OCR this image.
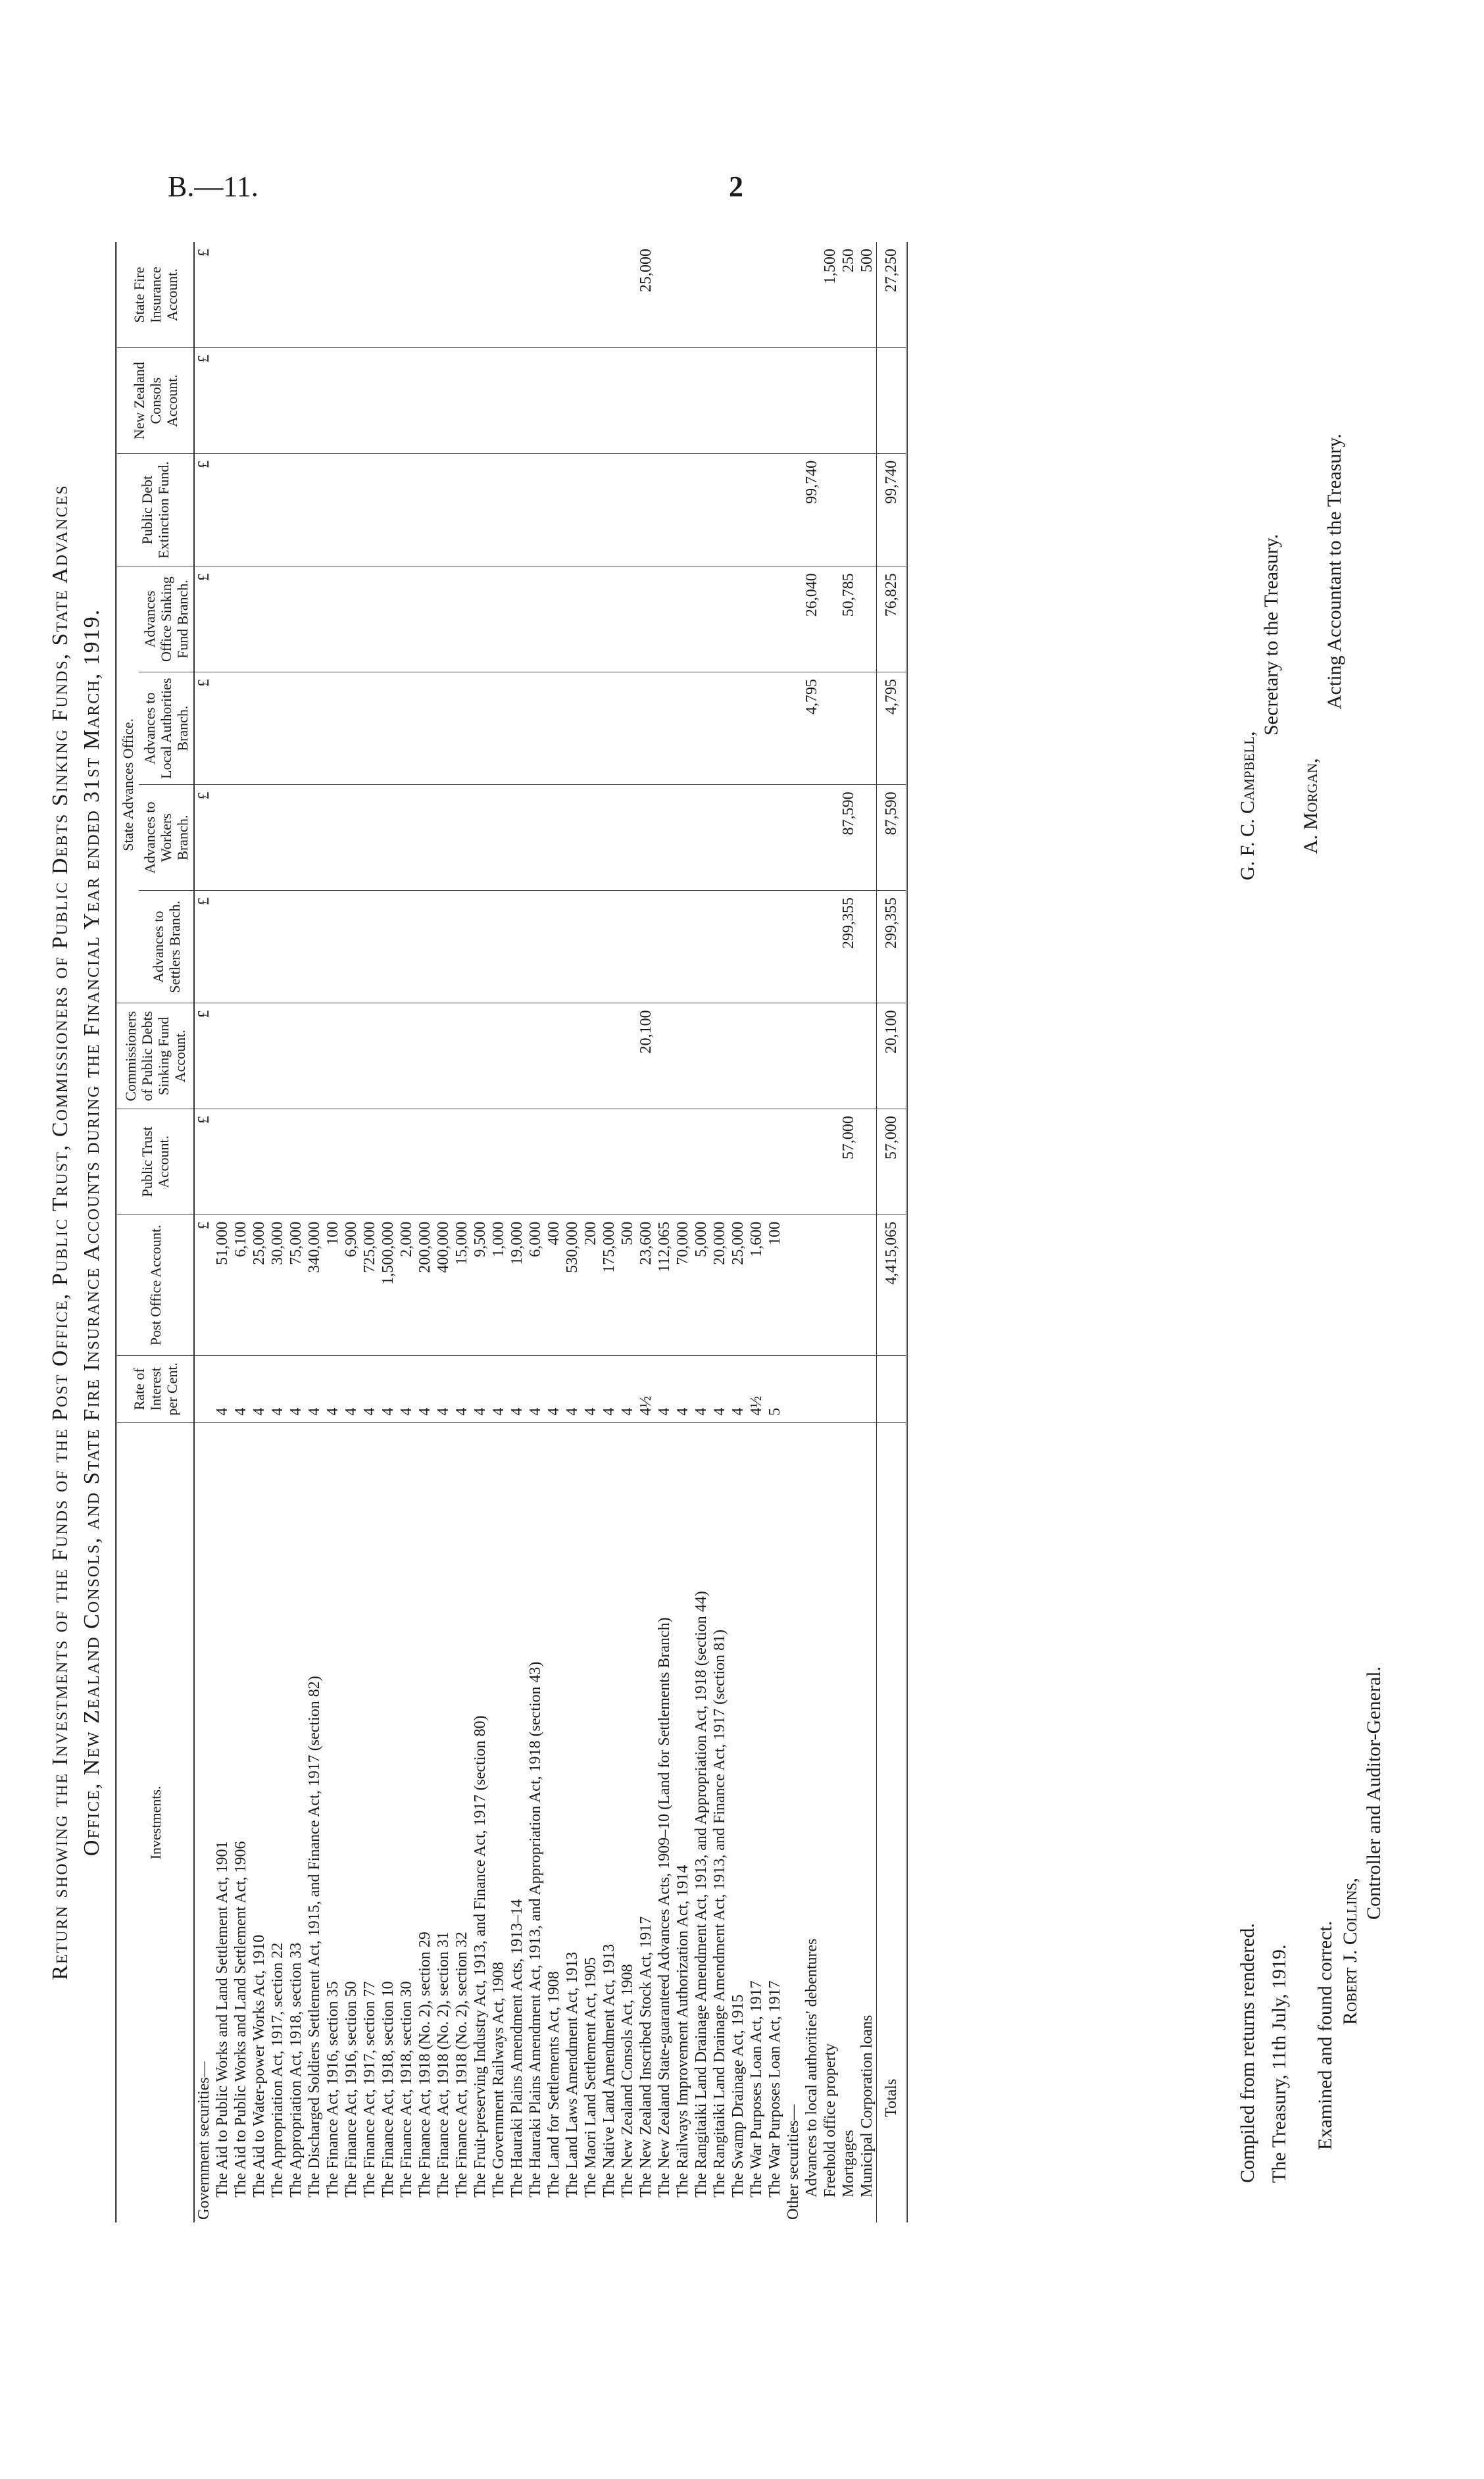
B.—11.	2
Return showing the Investments of the Funds of the Post Office, Public Trust, Commissioners of Public Debts Sinking Funds, State Advances Office, New Zealand Consols, and State Fire Insurance Accounts during the Financial Year ended 31st March, 1919.	Investments.	Rate of Interest per Cent.	Post Office Account.	Public Trust Account.	Commissioners of Public Debts Sinking Fund Account.	State Advances Office.				Public Debt Extinction Fund.	New Zealand Consols Account.	State Fire Insurance Account.
					Advances to Settlers Branch.	Advances to Workers Branch.	Advances to Local Authorities Branch.	Advances Office Sinking Fund Branch.			
Government securities—		£	£	£	£	£	£	£	£	£	£
The Aid to Public Works and Land Settlement Act, 1901	4	51,000									
The Aid to Public Works and Land Settlement Act, 1906	4	6,100									
The Aid to Water-power Works Act, 1910	4	25,000									
The Appropriation Act, 1917, section 22	4	30,000									
The Appropriation Act, 1918, section 33	4	75,000									
The Discharged Soldiers Settlement Act, 1915, and Finance Act, 1917 (section 82)	4	340,000									
The Finance Act, 1916, section 35	4	100									
The Finance Act, 1916, section 50	4	6,900									
The Finance Act, 1917, section 77	4	725,000									
The Finance Act, 1918, section 10	4	1,500,000									
The Finance Act, 1918, section 30	4	2,000									
The Finance Act, 1918 (No. 2), section 29	4	200,000									
The Finance Act, 1918 (No. 2), section 31	4	400,000									
The Finance Act, 1918 (No. 2), section 32	4	15,000									
The Fruit-preserving Industry Act, 1913, and Finance Act, 1917 (section 80)	4	9,500									
The Government Railways Act, 1908	4	1,000									
The Hauraki Plains Amendment Acts, 1913–14	4	19,000									
The Hauraki Plains Amendment Act, 1913, and Appropriation Act, 1918 (section 43)	4	6,000									
The Land for Settlements Act, 1908	4	400									
The Land Laws Amendment Act, 1913	4	530,000									
The Maori Land Settlement Act, 1905	4	200									
The Native Land Amendment Act, 1913	4	175,000									
The New Zealand Consols Act, 1908	4	500									
The New Zealand Inscribed Stock Act, 1917	4½	23,600		20,100							25,000
The New Zealand State-guaranteed Advances Acts, 1909–10 (Land for Settlements Branch)	4	112,065									
The Railways Improvement Authorization Act, 1914	4	70,000									
The Rangitaiki Land Drainage Amendment Act, 1913, and Appropriation Act, 1918 (section 44)	4	5,000									
The Rangitaiki Land Drainage Amendment Act, 1913, and Finance Act, 1917 (section 81)	4	20,000									
The Swamp Drainage Act, 1915	4	25,000									
The War Purposes Loan Act, 1917	4½	1,600									
The War Purposes Loan Act, 1917	5	100									
Other securities—											
Advances to local authorities' debentures							4,795	26,040	99,740		
Freehold office property											1,500
Mortgages			57,000		299,355	87,590		50,785			250
Municipal Corporation loans											500
Totals		4,415,065	57,000	20,100	299,355	87,590	4,795	76,825	99,740		27,250
Compiled from returns rendered. The Treasury, 11th July, 1919. Examined and found correct. Robert J. Collins,
Controller and Auditor-General.
G. F. C. Campbell,
Secretary to the Treasury.
A. Morgan,
Acting Accountant to the Treasury.
